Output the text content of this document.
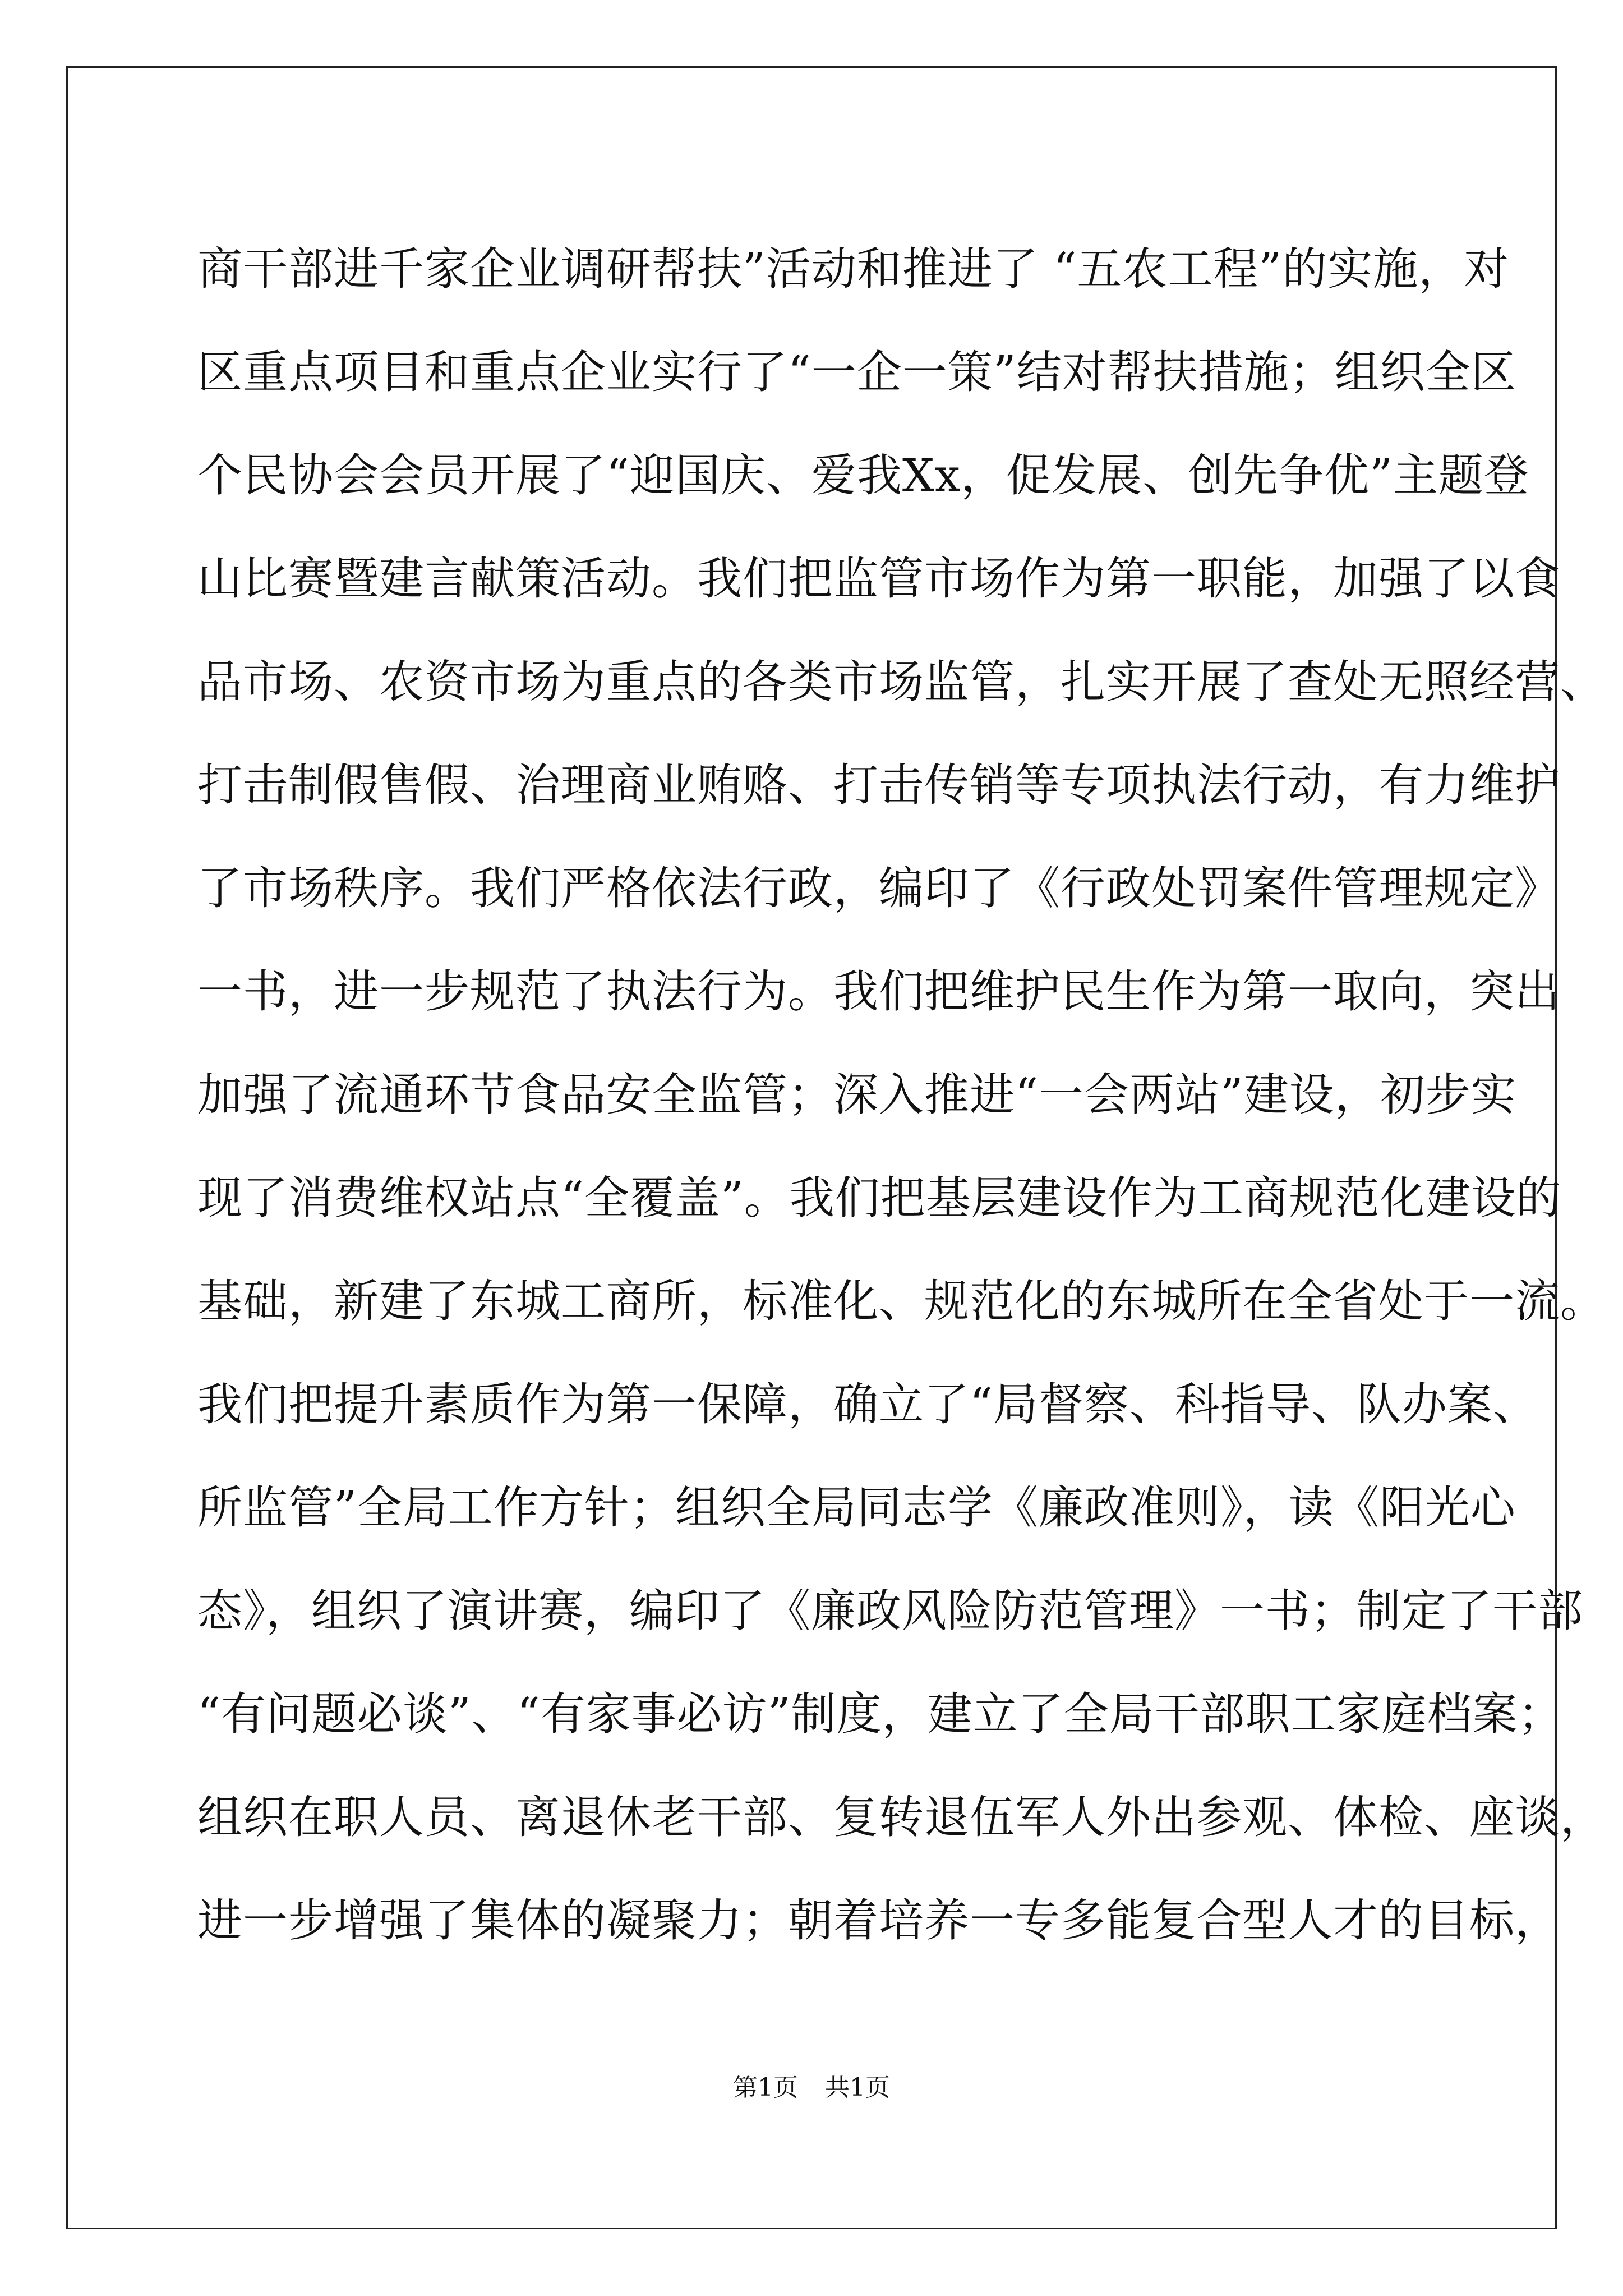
商干部进千家企业调研帮扶”活动和推进了 “五农工程”的实施，对
区重点项目和重点企业实行了“一企一策”结对帮扶措施；组织全区
个民协会会员开展了“迎国庆、爱我Xx，促发展、创先争优”主题登
山比赛暨建言献策活动。我们把监管市场作为第一职能，加强了以食
品市场、农资市场为重点的各类市场监管，扎实开展了查处无照经营、
打击制假售假、治理商业贿赂、打击传销等专项执法行动，有力维护
了市场秩序。我们严格依法行政，编印了《行政处罚案件管理规定》
一书，进一步规范了执法行为。我们把维护民生作为第一取向，突出
加强了流通环节食品安全监管；深入推进“一会两站”建设，初步实
现了消费维权站点“全覆盖”。我们把基层建设作为工商规范化建设的
基础，新建了东城工商所，标准化、规范化的东城所在全省处于一流。
我们把提升素质作为第一保障，确立了“局督察、科指导、队办案、
所监管”全局工作方针；组织全局同志学《廉政准则》，读《阳光心
态》，组织了演讲赛，编印了《廉政风险防范管理》一书；制定了干部
“有问题必谈”、“有家事必访”制度，建立了全局干部职工家庭档案；
组织在职人员、离退休老干部、复转退伍军人外出参观、体检、座谈，
进一步增强了集体的凝聚力；朝着培养一专多能复合型人才的目标，
第1页 共1页
